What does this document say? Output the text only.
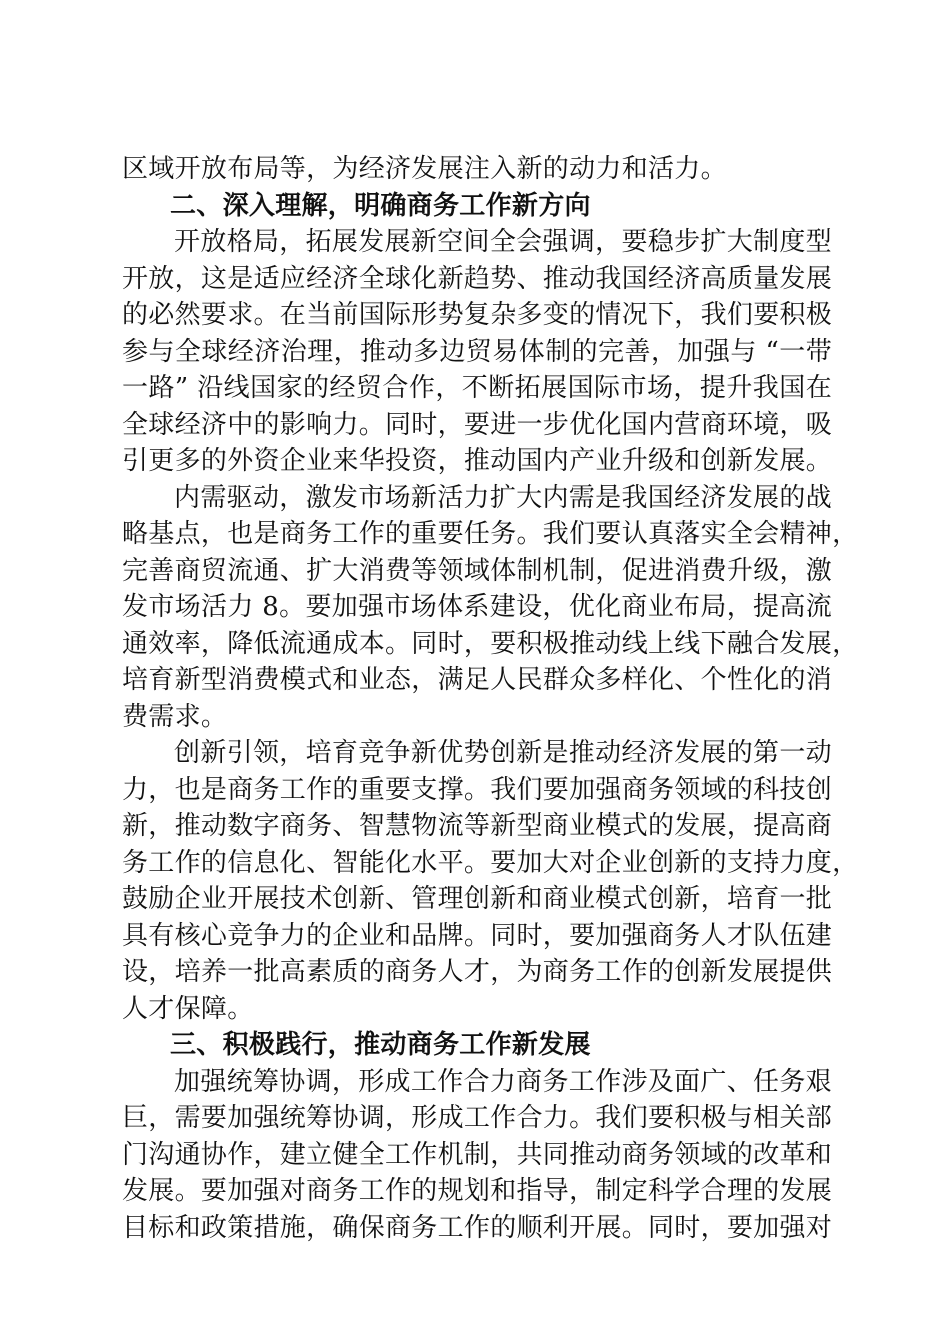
区域开放布局等，为经济发展注入新的动力和活力。
二、深入理解，明确商务工作新方向
开放格局，拓展发展新空间全会强调，要稳步扩大制度型
开放，这是适应经济全球化新趋势、推动我国经济高质量发展
的必然要求。在当前国际形势复杂多变的情况下，我们要积极
参与全球经济治理，推动多边贸易体制的完善，加强与 “一带
一路” 沿线国家的经贸合作，不断拓展国际市场，提升我国在
全球经济中的影响力。同时，要进一步优化国内营商环境，吸
引更多的外资企业来华投资，推动国内产业升级和创新发展。
内需驱动，激发市场新活力扩大内需是我国经济发展的战
略基点，也是商务工作的重要任务。我们要认真落实全会精神，
完善商贸流通、扩大消费等领域体制机制，促进消费升级，激
发市场活力 8。要加强市场体系建设，优化商业布局，提高流
通效率，降低流通成本。同时，要积极推动线上线下融合发展，
培育新型消费模式和业态，满足人民群众多样化、个性化的消
费需求。
创新引领，培育竞争新优势创新是推动经济发展的第一动
力，也是商务工作的重要支撑。我们要加强商务领域的科技创
新，推动数字商务、智慧物流等新型商业模式的发展，提高商
务工作的信息化、智能化水平。要加大对企业创新的支持力度，
鼓励企业开展技术创新、管理创新和商业模式创新，培育一批
具有核心竞争力的企业和品牌。同时，要加强商务人才队伍建
设，培养一批高素质的商务人才，为商务工作的创新发展提供
人才保障。
三、积极践行，推动商务工作新发展
加强统筹协调，形成工作合力商务工作涉及面广、任务艰
巨，需要加强统筹协调，形成工作合力。我们要积极与相关部
门沟通协作，建立健全工作机制，共同推动商务领域的改革和
发展。要加强对商务工作的规划和指导，制定科学合理的发展
目标和政策措施，确保商务工作的顺利开展。同时，要加强对
